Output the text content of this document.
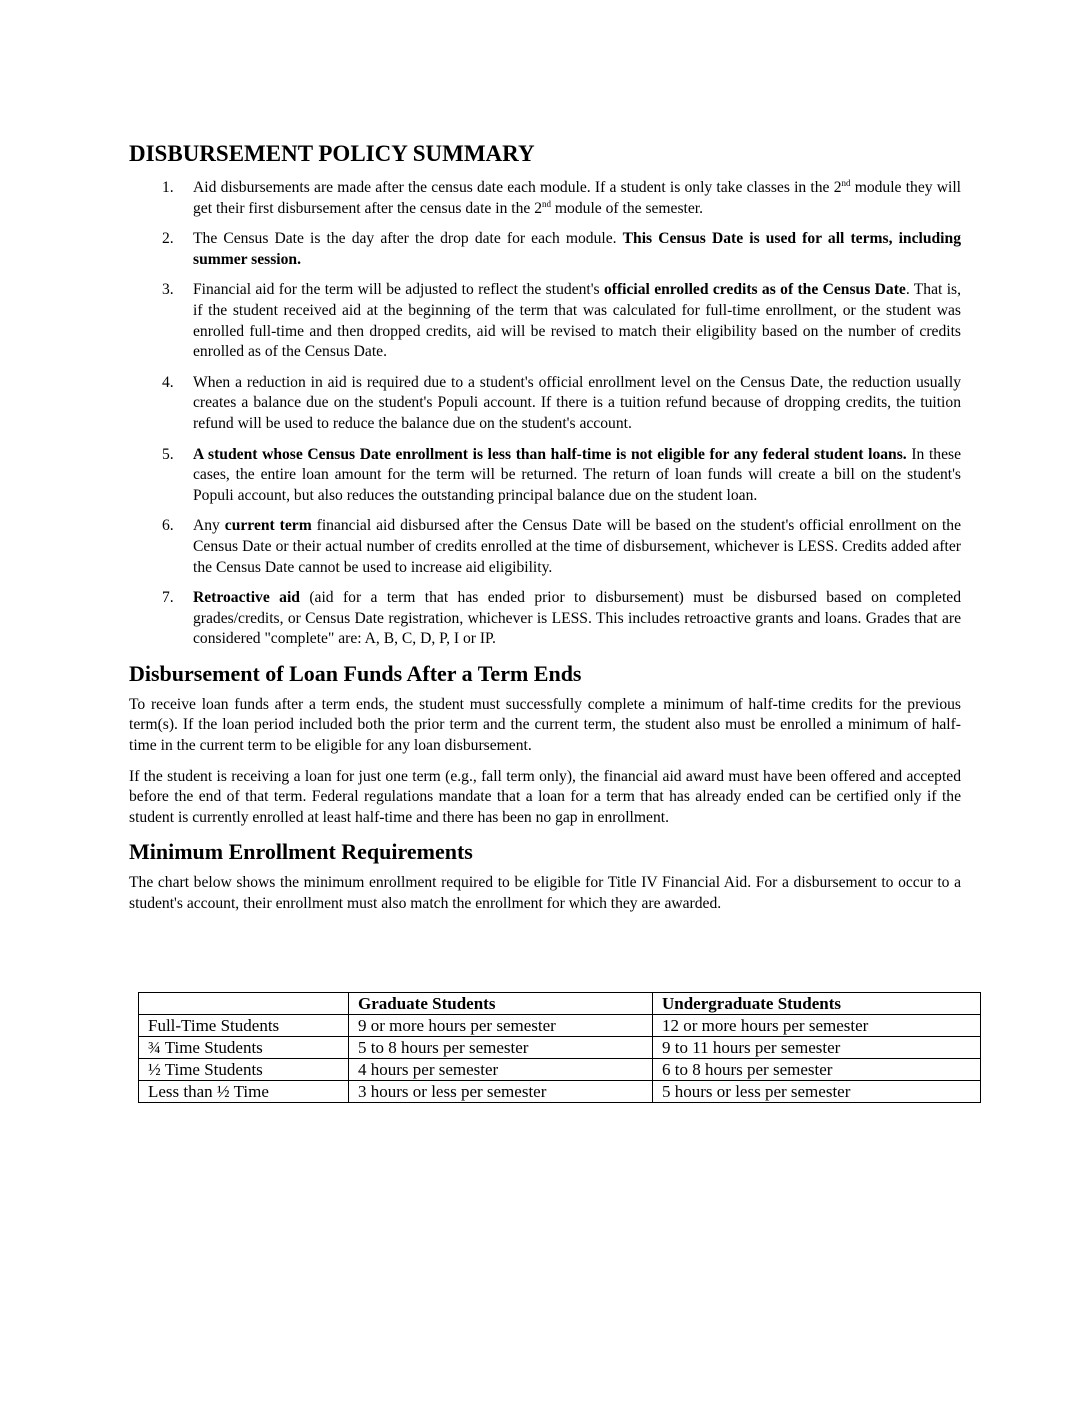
DISBURSEMENT POLICY SUMMARY
1. Aid disbursements are made after the census date each module. If a student is only take classes in the 2nd module they will get their first disbursement after the census date in the 2nd module of the semester.
2. The Census Date is the day after the drop date for each module. This Census Date is used for all terms, including summer session.
3. Financial aid for the term will be adjusted to reflect the student's official enrolled credits as of the Census Date. That is, if the student received aid at the beginning of the term that was calculated for full-time enrollment, or the student was enrolled full-time and then dropped credits, aid will be revised to match their eligibility based on the number of credits enrolled as of the Census Date.
4. When a reduction in aid is required due to a student's official enrollment level on the Census Date, the reduction usually creates a balance due on the student's Populi account. If there is a tuition refund because of dropping credits, the tuition refund will be used to reduce the balance due on the student's account.
5. A student whose Census Date enrollment is less than half-time is not eligible for any federal student loans. In these cases, the entire loan amount for the term will be returned. The return of loan funds will create a bill on the student's Populi account, but also reduces the outstanding principal balance due on the student loan.
6. Any current term financial aid disbursed after the Census Date will be based on the student's official enrollment on the Census Date or their actual number of credits enrolled at the time of disbursement, whichever is LESS. Credits added after the Census Date cannot be used to increase aid eligibility.
7. Retroactive aid (aid for a term that has ended prior to disbursement) must be disbursed based on completed grades/credits, or Census Date registration, whichever is LESS. This includes retroactive grants and loans. Grades that are considered "complete" are: A, B, C, D, P, I or IP.
Disbursement of Loan Funds After a Term Ends

To receive loan funds after a term ends, the student must successfully complete a minimum of half-time credits for the previous term(s). If the loan period included both the prior term and the current term, the student also must be enrolled a minimum of half-time in the current term to be eligible for any loan disbursement.

If the student is receiving a loan for just one term (e.g., fall term only), the financial aid award must have been offered and accepted before the end of that term. Federal regulations mandate that a loan for a term that has already ended can be certified only if the student is currently enrolled at least half-time and there has been no gap in enrollment.

Minimum Enrollment Requirements

The chart below shows the minimum enrollment required to be eligible for Title IV Financial Aid. For a disbursement to occur to a student's account, their enrollment must also match the enrollment for which they are awarded.

	Graduate Students	Undergraduate Students
Full-Time Students	9 or more hours per semester	12 or more hours per semester
¾ Time Students	5 to 8 hours per semester	9 to 11 hours per semester
½ Time Students	4 hours per semester	6 to 8 hours per semester
Less than ½ Time	3 hours or less per semester	5 hours or less per semester
